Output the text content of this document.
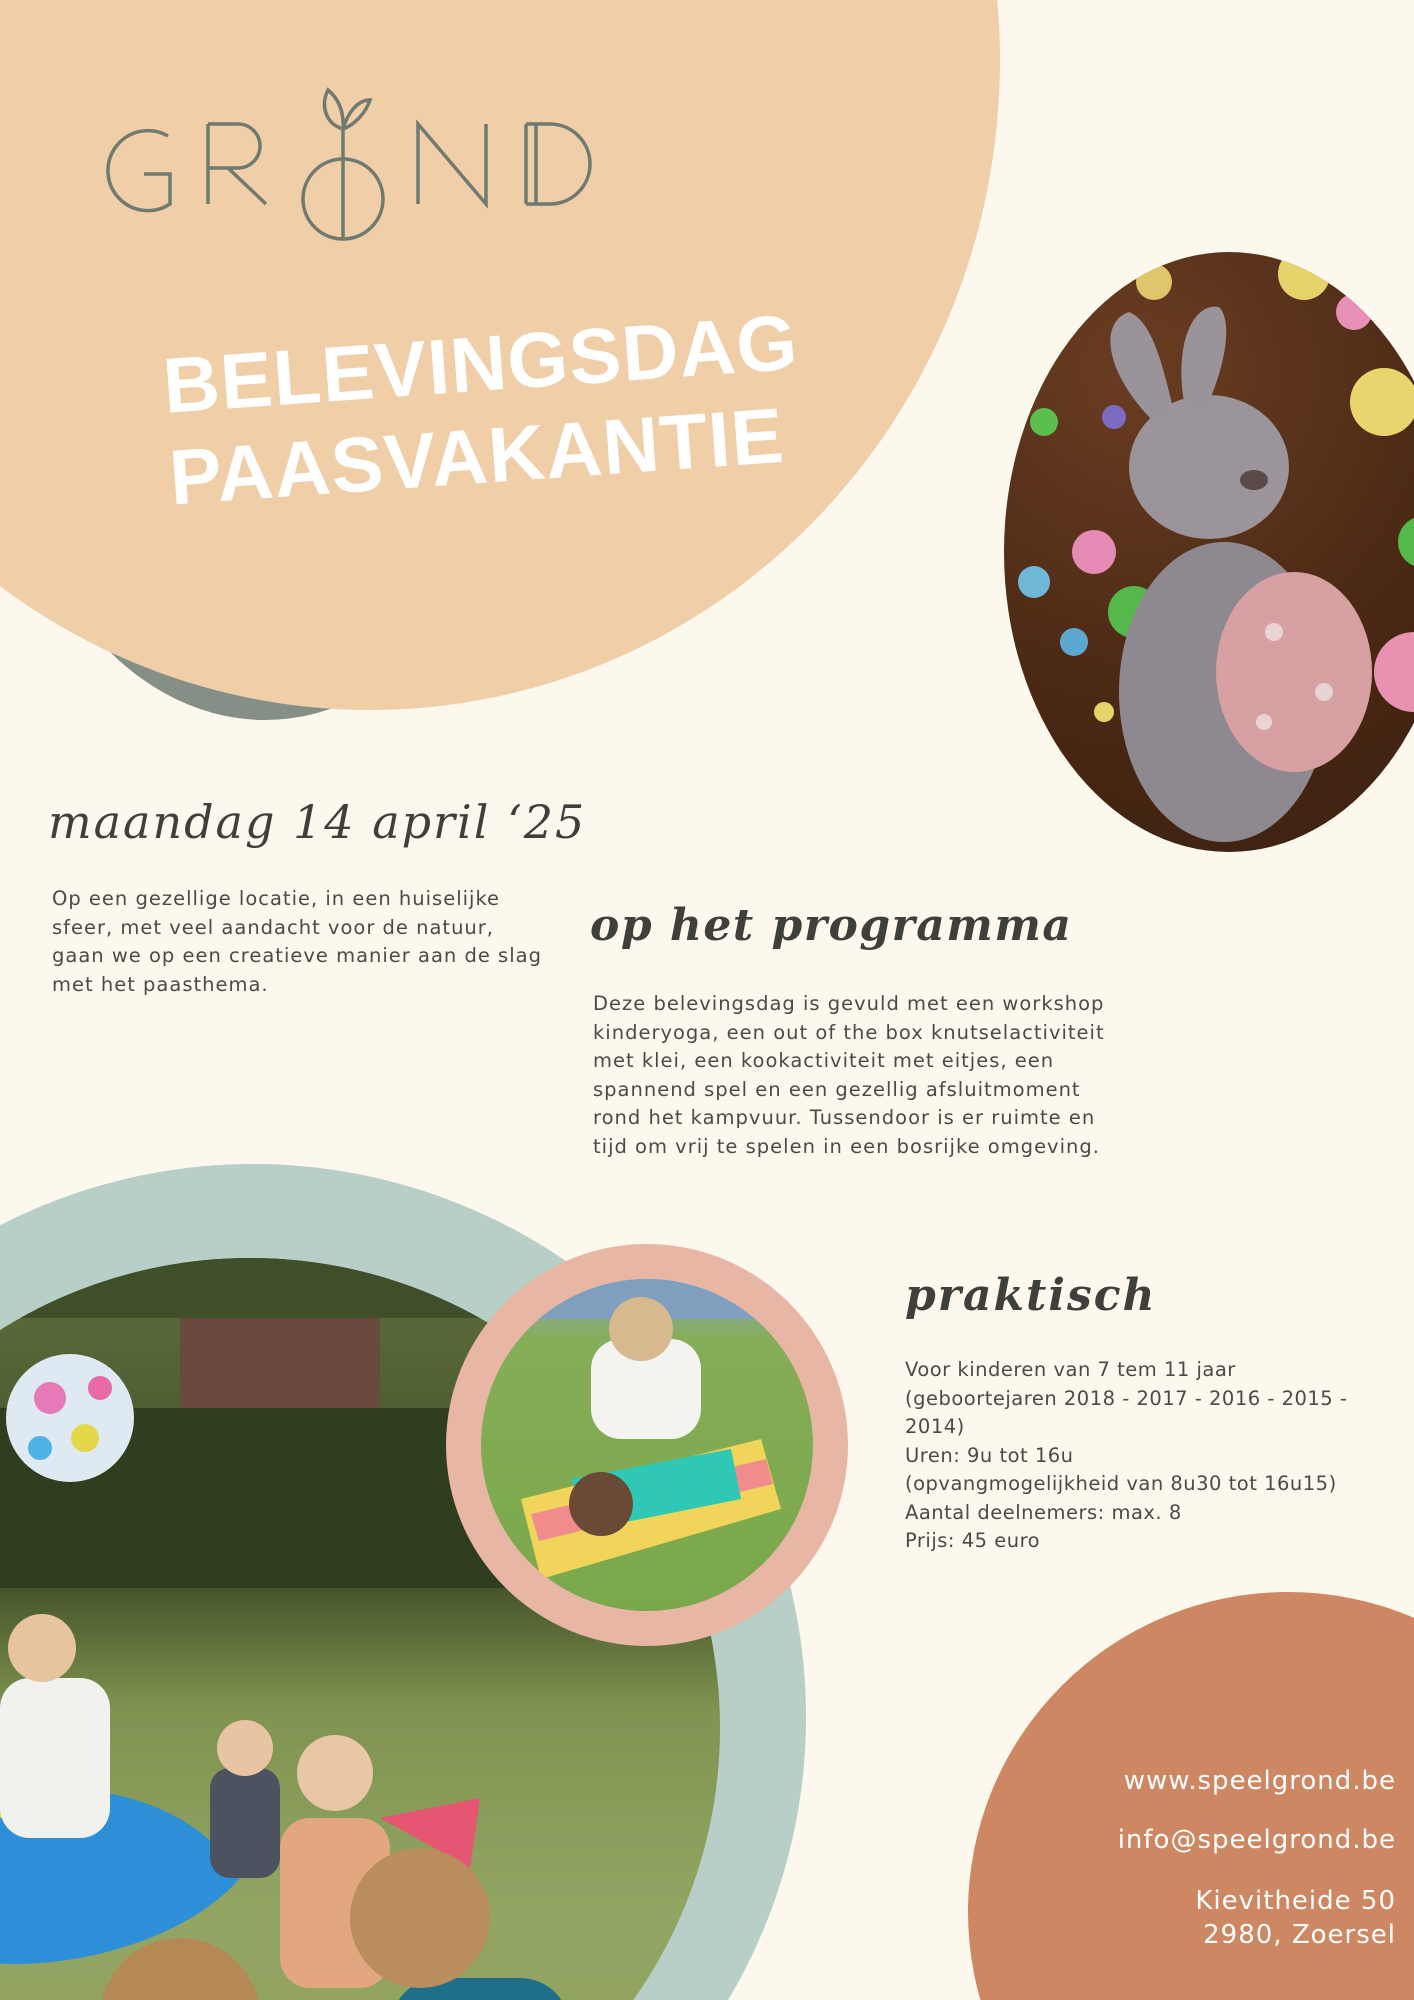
BELEVINGSDAG
PAASVAKANTIE
maandag 14 april ‘25

Op een gezellige locatie, in een huiselijke sfeer, met veel aandacht voor de natuur, gaan we op een creatieve manier aan de slag met het paasthema.

op het programma

Deze belevingsdag is gevuld met een workshop kinderyoga, een out of the box knutselactiviteit met klei, een kookactiviteit met eitjes, een spannend spel en een gezellig afsluitmoment rond het kampvuur. Tussendoor is er ruimte en tijd om vrij te spelen in een bosrijke omgeving.

praktisch
Voor kinderen van 7 tem 11 jaar
(geboortejaren 2018 - 2017 - 2016 - 2015 - 2014)
Uren: 9u tot 16u
(opvangmogelijkheid van 8u30 tot 16u15)
Aantal deelnemers: max. 8
Prijs: 45 euro
www.speelgrond.be
info@speelgrond.be
Kievitheide 50
2980, Zoersel
